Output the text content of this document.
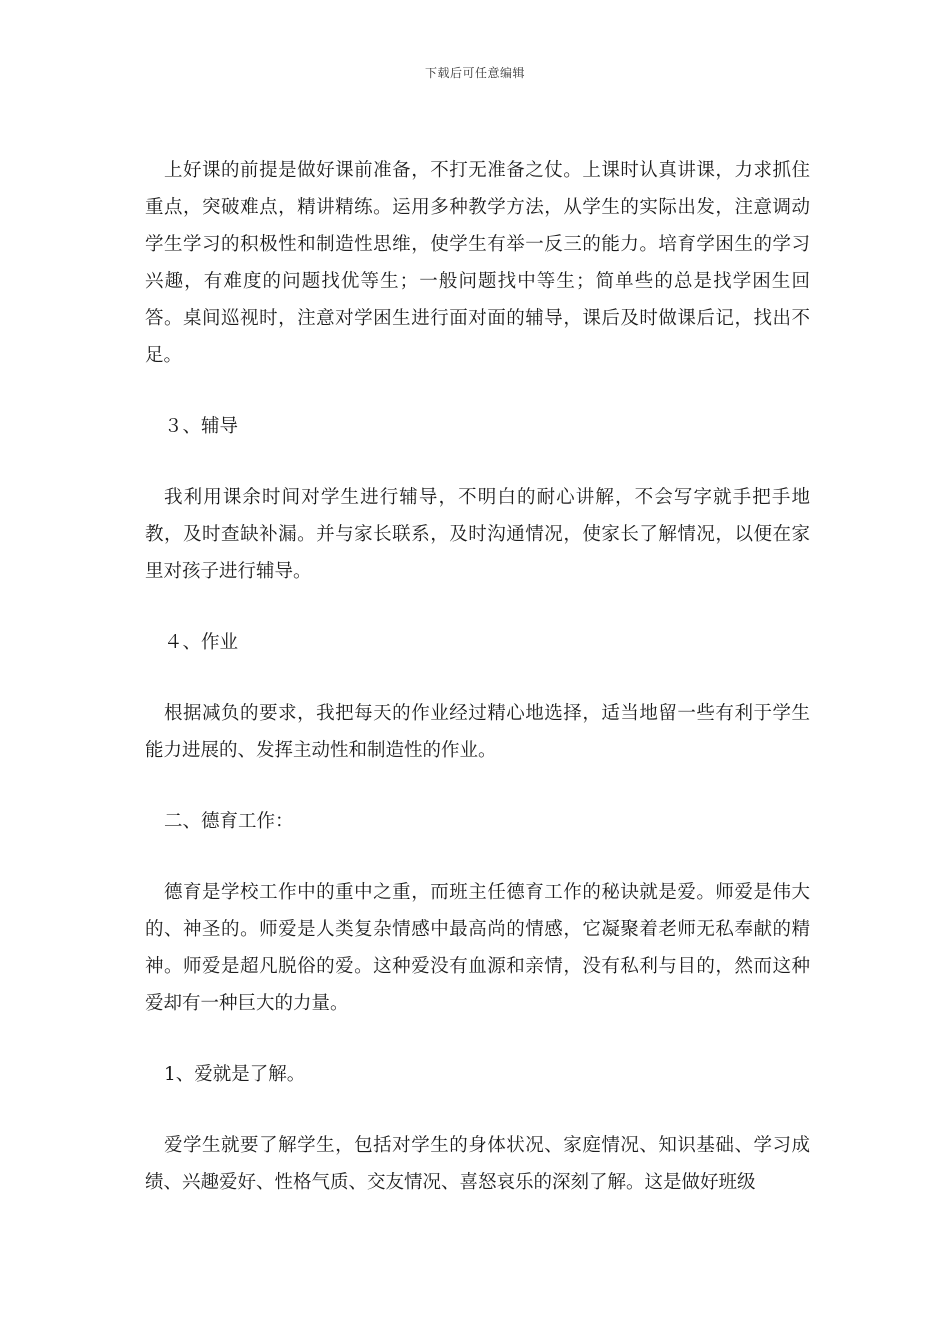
下载后可任意编辑

上好课的前提是做好课前准备，不打无准备之仗。上课时认真讲课，力求抓住重点，突破难点，精讲精练。运用多种教学方法，从学生的实际出发，注意调动学生学习的积极性和制造性思维，使学生有举一反三的能力。培育学困生的学习兴趣，有难度的问题找优等生；一般问题找中等生；简单些的总是找学困生回答。桌间巡视时，注意对学困生进行面对面的辅导，课后及时做课后记，找出不足。

３、辅导

我利用课余时间对学生进行辅导，不明白的耐心讲解，不会写字就手把手地教，及时查缺补漏。并与家长联系，及时沟通情况，使家长了解情况，以便在家里对孩子进行辅导。

４、作业

根据减负的要求，我把每天的作业经过精心地选择，适当地留一些有利于学生能力进展的、发挥主动性和制造性的作业。

二、德育工作：

德育是学校工作中的重中之重，而班主任德育工作的秘诀就是爱。师爱是伟大的、神圣的。师爱是人类复杂情感中最高尚的情感，它凝聚着老师无私奉献的精神。师爱是超凡脱俗的爱。这种爱没有血源和亲情，没有私利与目的，然而这种爱却有一种巨大的力量。

1、爱就是了解。

爱学生就要了解学生，包括对学生的身体状况、家庭情况、知识基础、学习成绩、兴趣爱好、性格气质、交友情况、喜怒哀乐的深刻了解。这是做好班级
